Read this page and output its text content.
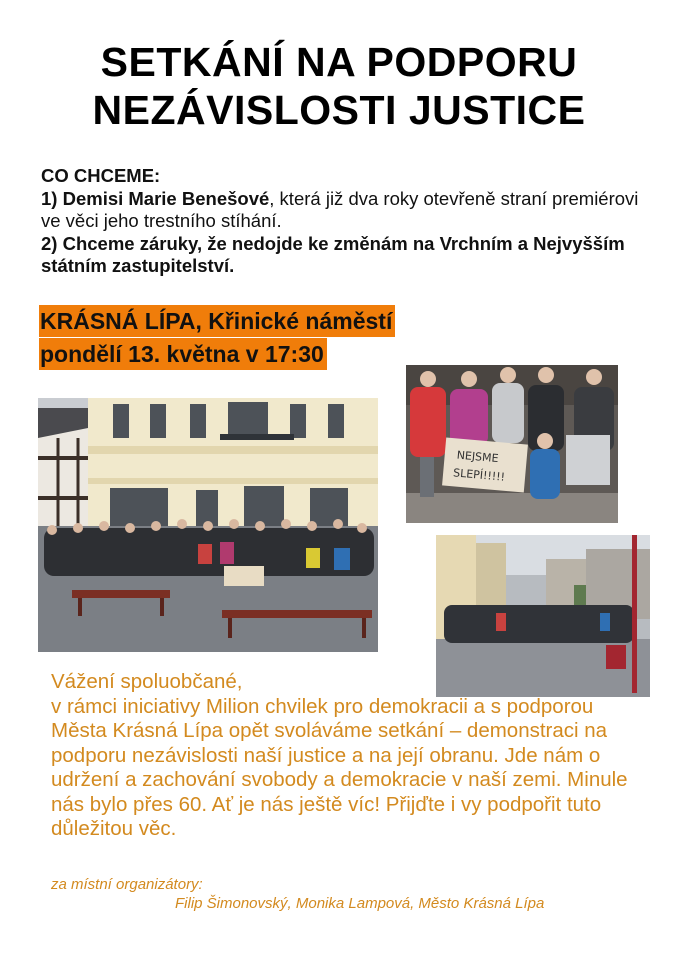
SETKÁNÍ NA PODPORU
NEZÁVISLOSTI JUSTICE
CO CHCEME:
1) Demisi Marie Benešové, která již dva roky otevřeně straní premiérovi ve věci jeho trestního stíhání.
2) Chceme záruky, že nedojde ke změnám na Vrchním a Nejvyšším státním zastupitelství.
KRÁSNÁ LÍPA, Křinické náměstí
pondělí 13. května v 17:30
NEJSME
SLEPÍ!!!!!

Vážení spoluobčané,

v rámci iniciativy Milion chvilek pro demokracii a s podporou Města Krásná Lípa opět svoláváme setkání – demonstraci na podporu nezávislosti naší justice a na její obranu. Jde nám o udržení a zachování svobody a demokracie v naší zemi. Minule nás bylo přes 60. Ať je nás ještě víc! Přijďte i vy podpořit tuto důležitou věc.

za místní organizátory:
Filip Šimonovský, Monika Lampová, Město Krásná Lípa
